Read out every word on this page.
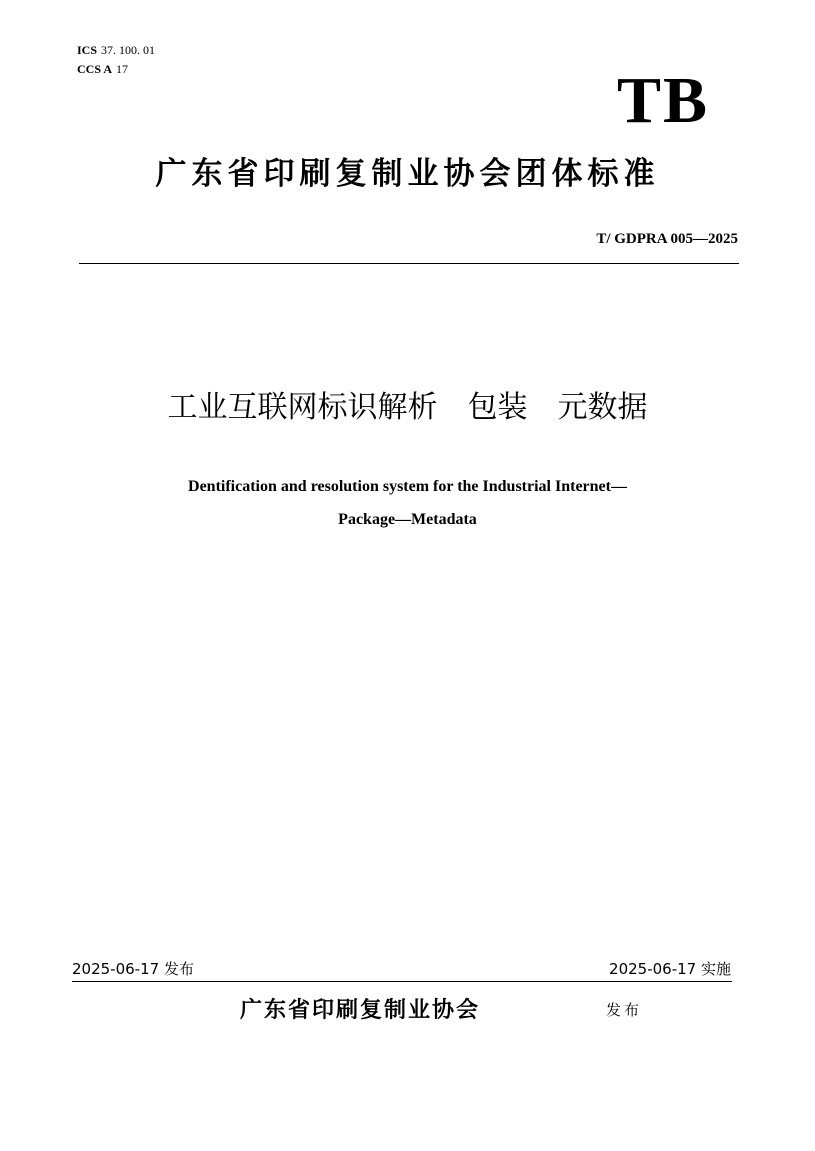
ICS 37. 100. 01
CCS A 17	TB
广东省印刷复制业协会团体标准
T/ GDPRA 005—2025
工业互联网标识解析　包装　元数据
Dentification and resolution system for the Industrial Internet—
Package—Metadata
2025-06-17 发布	2025-06-17 实施
广东省印刷复制业协会	发布
